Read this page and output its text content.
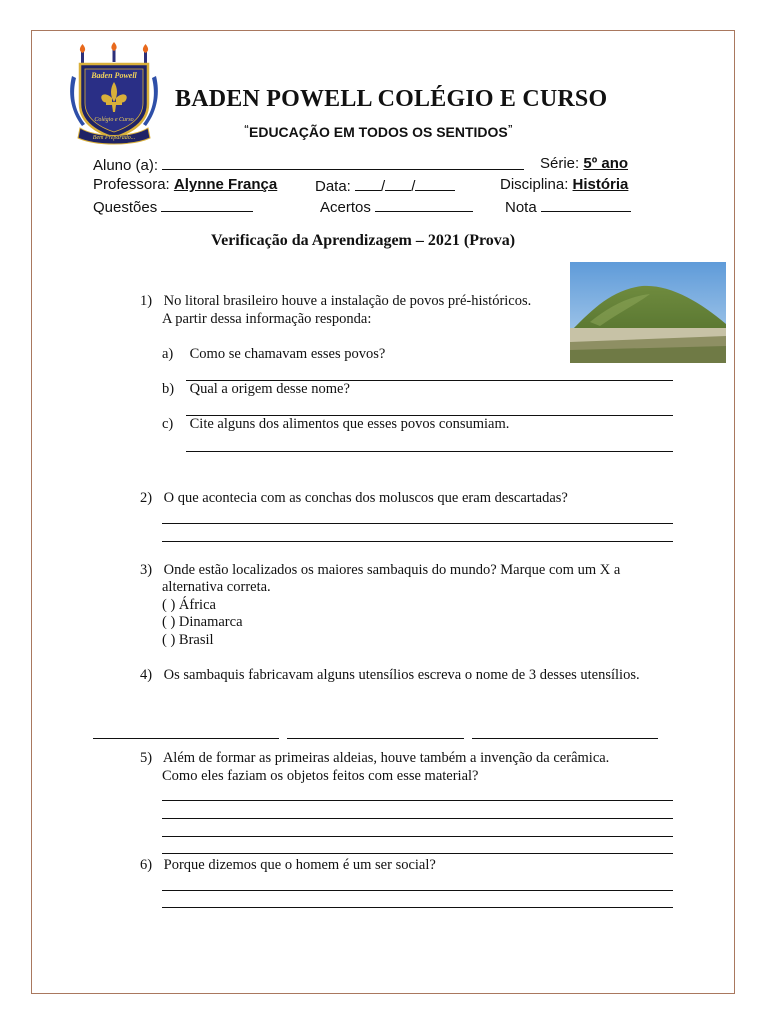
Baden Powell
Colégio e Curso
Bem Preparado...
BADEN POWELL COLÉGIO E CURSO
“EDUCAÇÃO EM TODOS OS SENTIDOS”
Aluno (a):	Série: 5º ano
Professora: Alynne França	Data: / /	Disciplina: História
Questões	Acertos	Nota
Verificação da Aprendizagem – 2021 (Prova)
1) No litoral brasileiro houve a instalação de povos pré-históricos.
A partir dessa informação responda:
a) Como se chamavam esses povos?
b) Qual a origem desse nome?
c) Cite alguns dos alimentos que esses povos consumiam.
2) O que acontecia com as conchas dos moluscos que eram descartadas?
3) Onde estão localizados os maiores sambaquis do mundo? Marque com um X a
alternativa correta.
( ) África
( ) Dinamarca
( ) Brasil
4) Os sambaquis fabricavam alguns utensílios escreva o nome de 3 desses utensílios.
5) Além de formar as primeiras aldeias, houve também a invenção da cerâmica.
Como eles faziam os objetos feitos com esse material?
6) Porque dizemos que o homem é um ser social?
